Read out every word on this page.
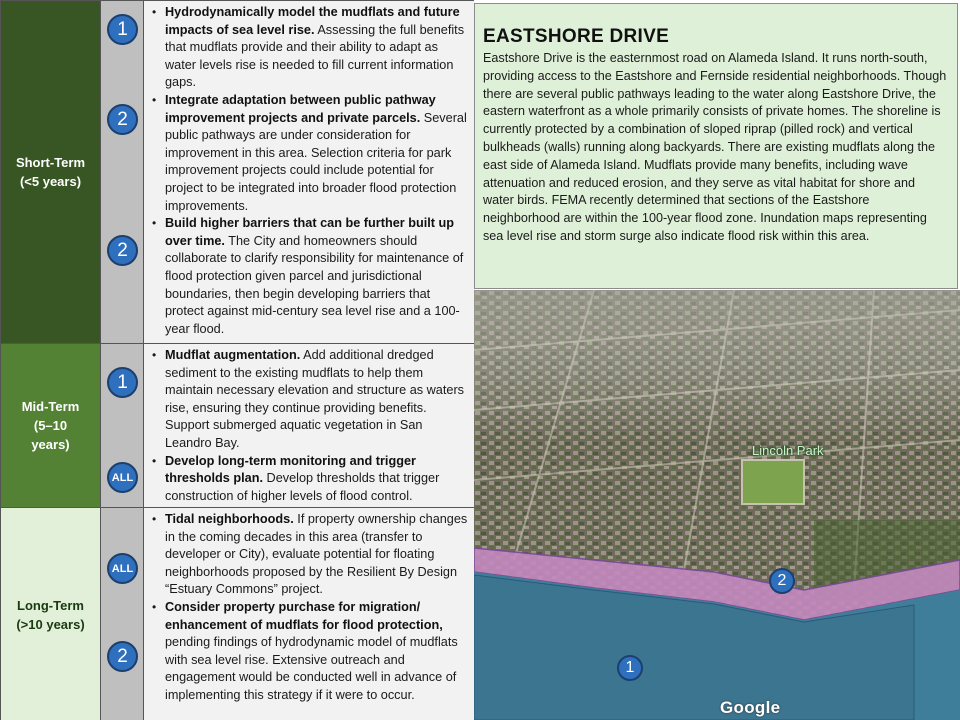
Short-Term
(<5 years)
1
2
2
• Hydrodynamically model the mudflats and future impacts of sea level rise. Assessing the full benefits that mudflats provide and their ability to adapt as water levels rise is needed to fill current information gaps.
• Integrate adaptation between public pathway improvement projects and private parcels. Several public pathways are under consideration for improvement in this area. Selection criteria for park improvement projects could include potential for project to be integrated into broader flood protection improvements.
• Build higher barriers that can be further built up over time. The City and homeowners should collaborate to clarify responsibility for maintenance of flood protection given parcel and jurisdictional boundaries, then begin developing barriers that protect against mid-century sea level rise and a 100-year flood.
Mid-Term
(5–10
years)
1
ALL
• Mudflat augmentation. Add additional dredged sediment to the existing mudflats to help them maintain necessary elevation and structure as waters rise, ensuring they continue providing benefits. Support submerged aquatic vegetation in San Leandro Bay.
• Develop long-term monitoring and trigger thresholds plan. Develop thresholds that trigger construction of higher levels of flood control.
Long-Term
(>10 years)
ALL
2
• Tidal neighborhoods. If property ownership changes in the coming decades in this area (transfer to developer or City), evaluate potential for floating neighborhoods proposed by the Resilient By Design “Estuary Commons” project.
• Consider property purchase for migration/ enhancement of mudflats for flood protection, pending findings of hydrodynamic model of mudflats with sea level rise. Extensive outreach and engagement would be conducted well in advance of implementing this strategy if it were to occur.
EASTSHORE DRIVE
Eastshore Drive is the easternmost road on Alameda Island. It runs north-south, providing access to the Eastshore and Fernside residential neighborhoods. Though there are several public pathways leading to the water along Eastshore Drive, the eastern waterfront as a whole primarily consists of private homes. The shoreline is currently protected by a combination of sloped riprap (pilled rock) and vertical bulkheads (walls) running along backyards. There are existing mudflats along the east side of Alameda Island. Mudflats provide many benefits, including wave attenuation and reduced erosion, and they serve as vital habitat for shore and water birds. FEMA recently determined that sections of the Eastshore neighborhood are within the 100-year flood zone. Inundation maps representing sea level rise and storm surge also indicate flood risk within this area.
Lincoln Park
2
1
Google
